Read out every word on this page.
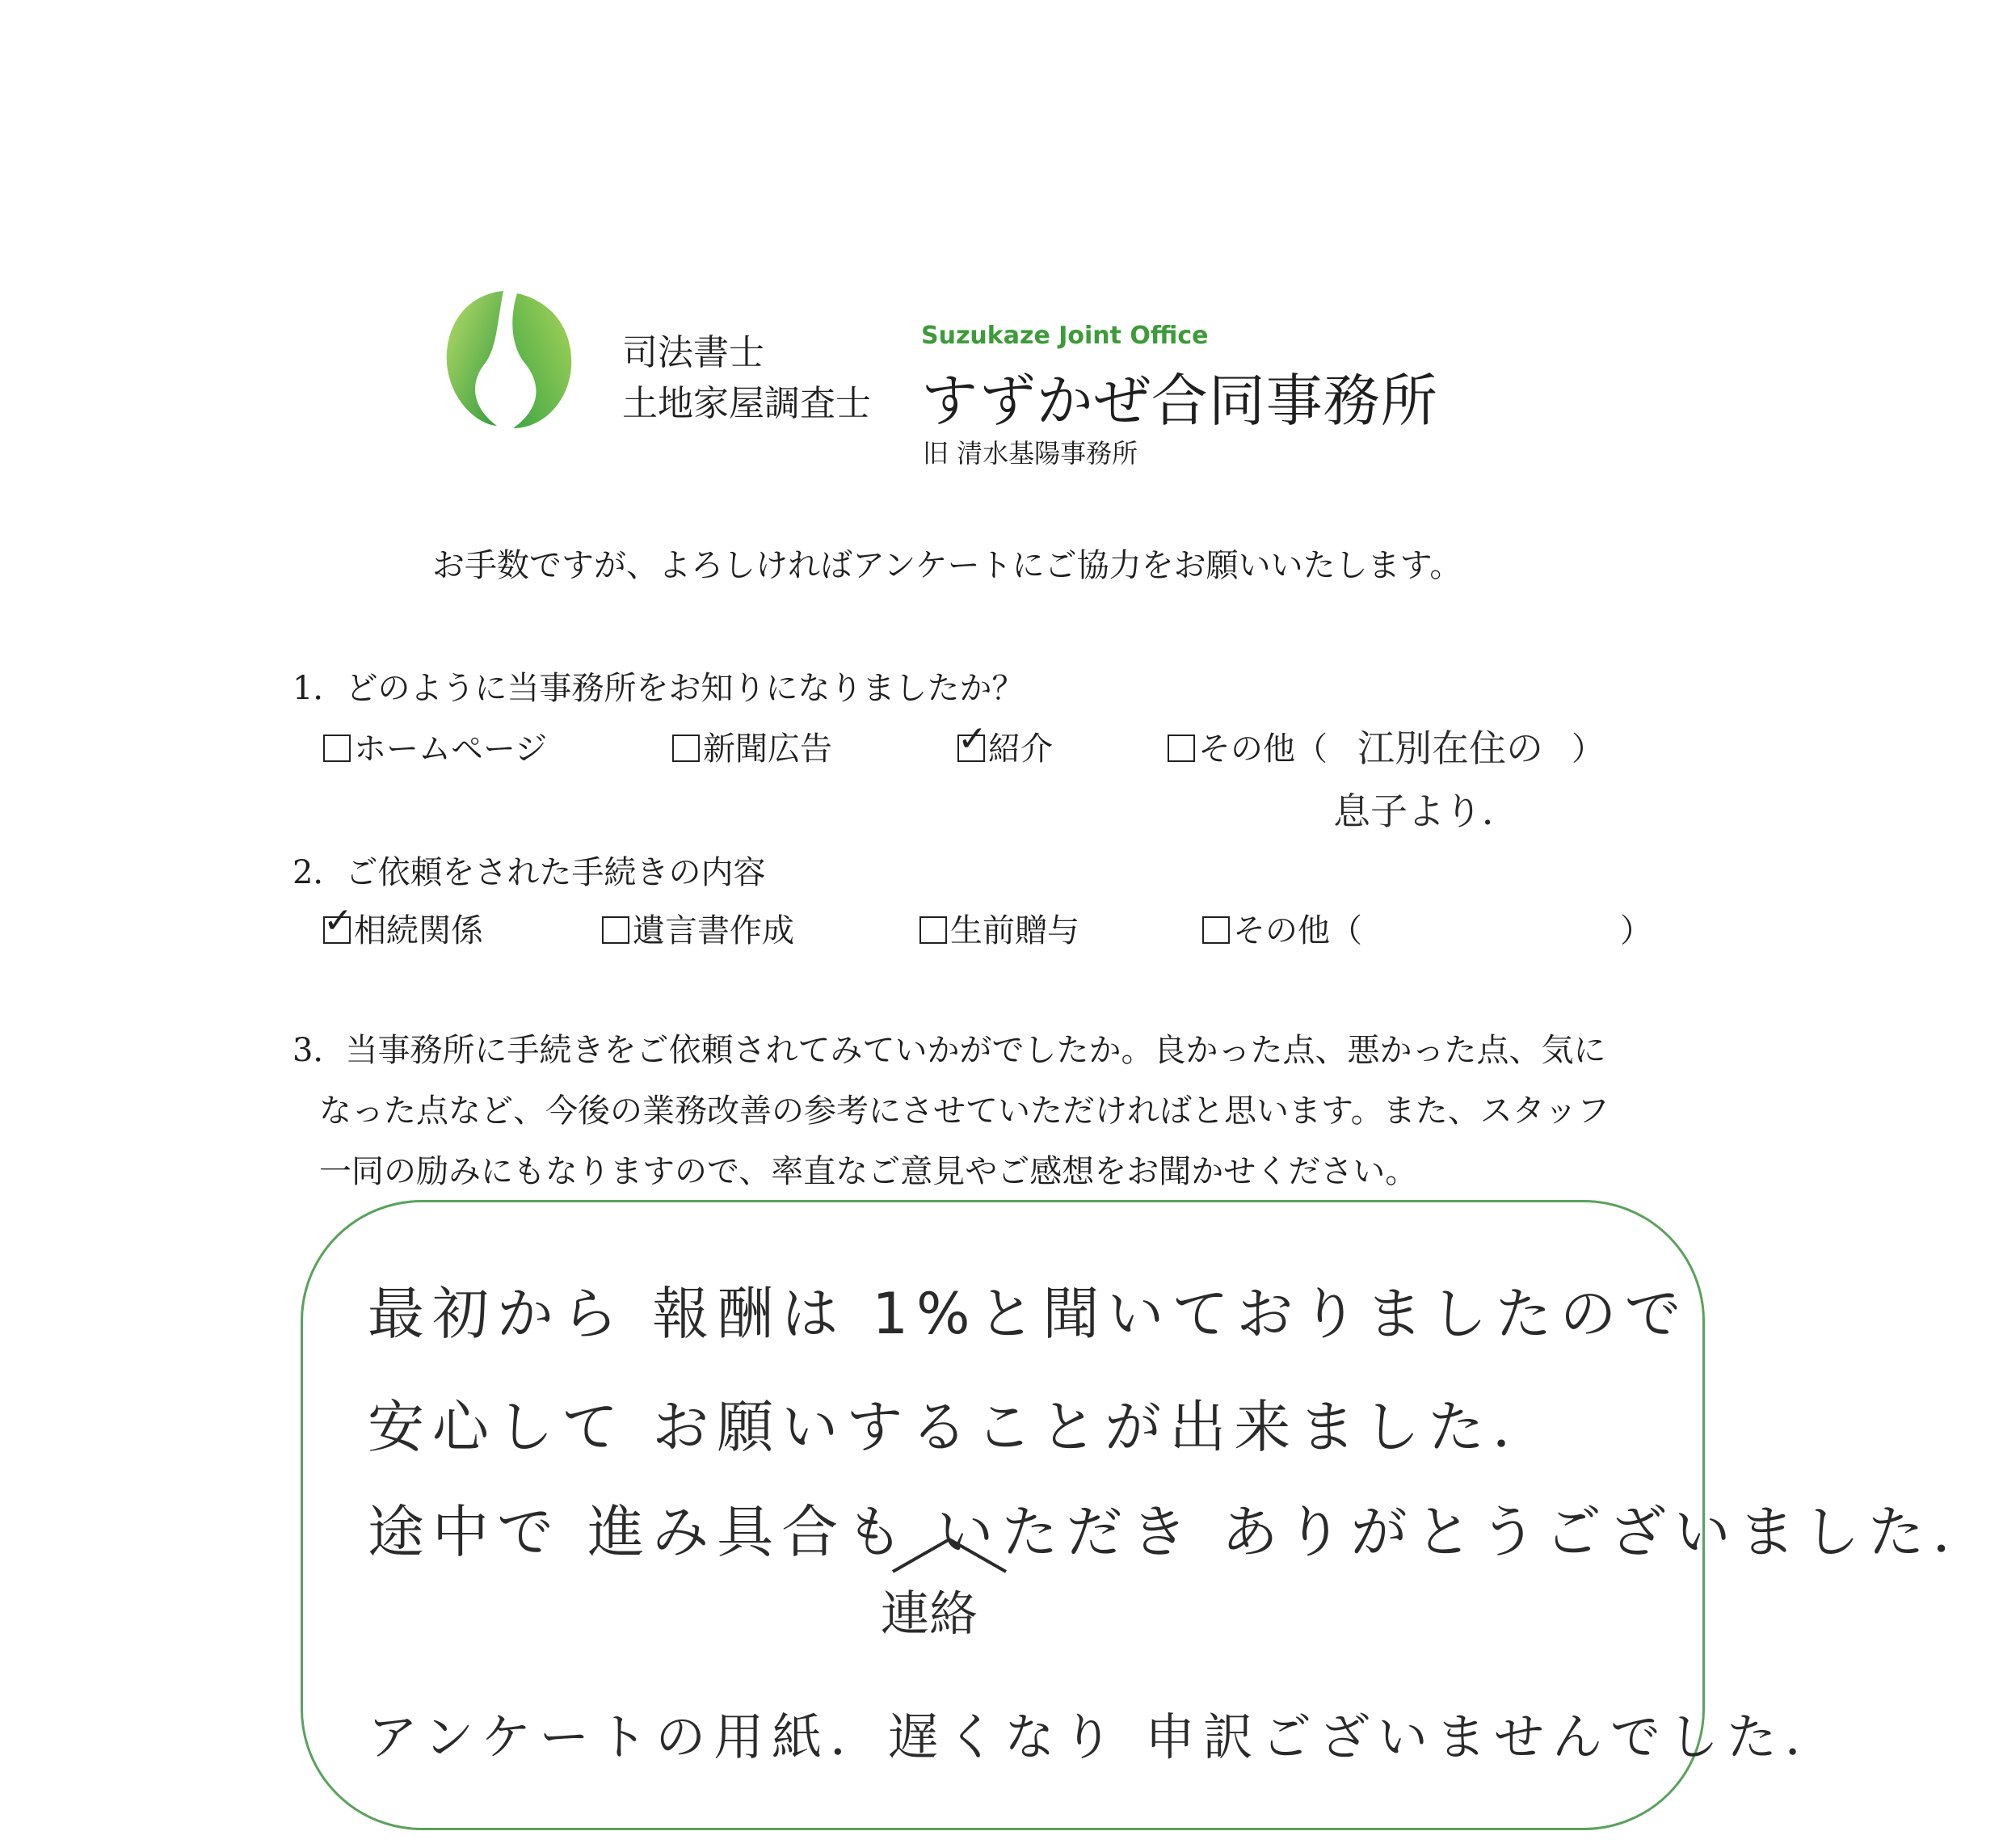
司法書士
土地家屋調査士
Suzukaze Joint Office
すずかぜ合同事務所
旧 清水基陽事務所
お手数ですが、よろしければアンケートにご協力をお願いいたします。
1．どのように当事務所をお知りになりましたか？
ホームページ	新聞広告	✓ 紹介	その他（ 江別在住の ）
息子より．
2．ご依頼をされた手続きの内容
✓ 相続関係	遺言書作成	生前贈与	その他（	）
3．当事務所に手続きをご依頼されてみていかがでしたか。良かった点、悪かった点、気に
なった点など、今後の業務改善の参考にさせていただければと思います。また、スタッフ
一同の励みにもなりますので、率直なご意見やご感想をお聞かせください。
最初から 報酬は 1%と聞いておりましたので
安心して お願いすることが出来ました．
途中で 進み具合も いただき ありがとうございました．
連絡
アンケートの用紙．遅くなり 申訳ございませんでした．
